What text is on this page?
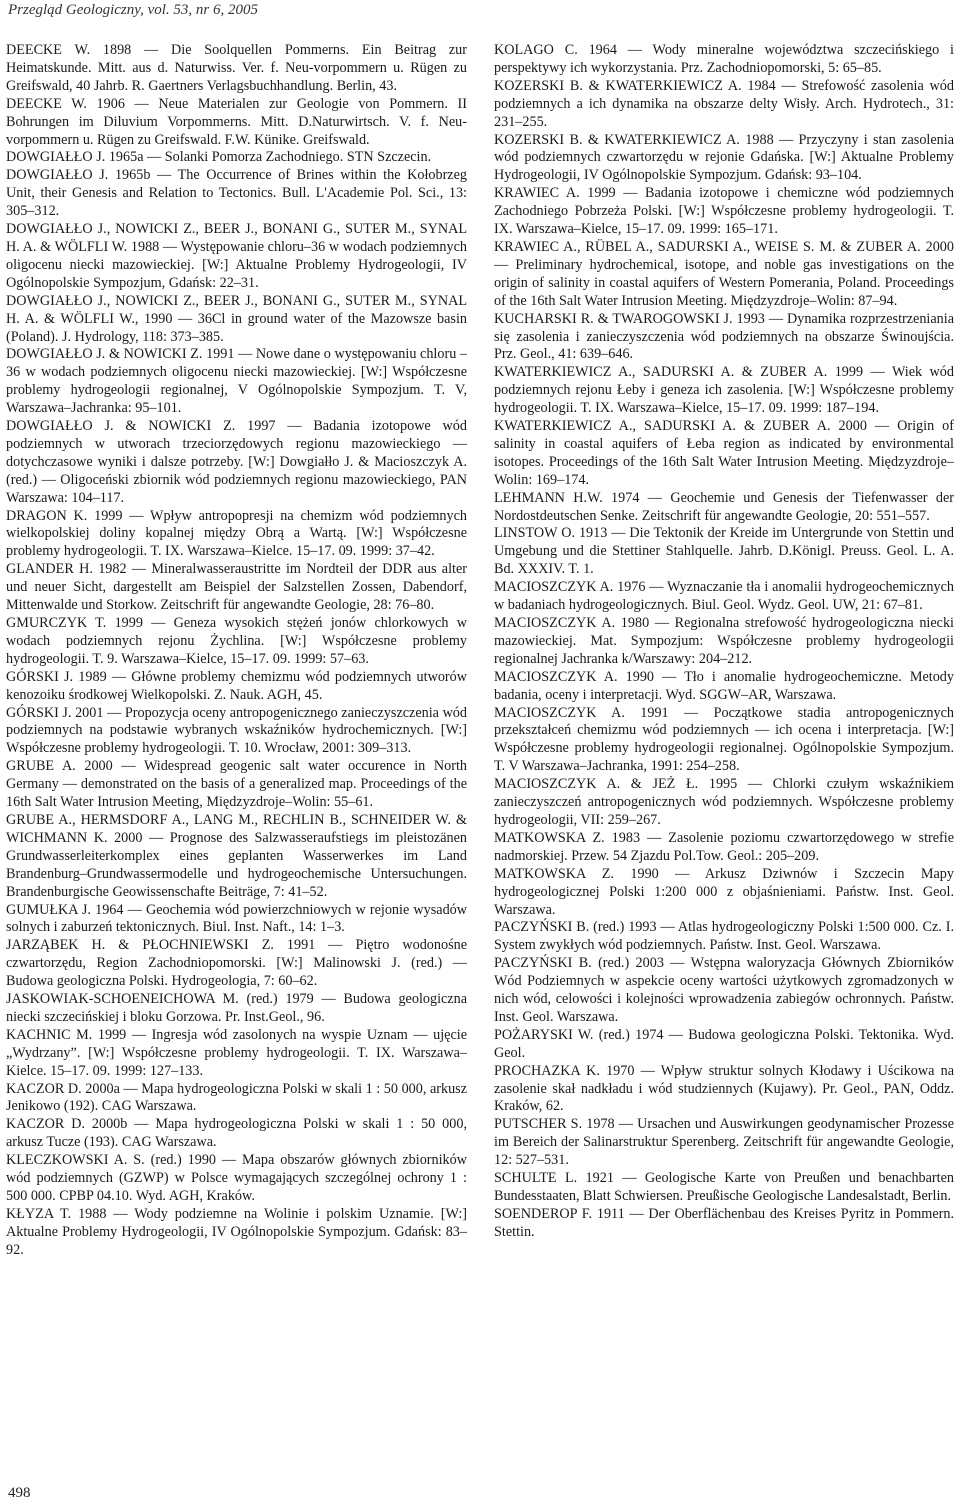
Przegląd Geologiczny, vol. 53, nr 6, 2005

DEECKE W. 1898 — Die Soolquellen Pommerns. Ein Beitrag zur Heimatskunde. Mitt. aus d. Naturwiss. Ver. f. Neu-vorpommern u. Rügen zu Greifswald, 40 Jahrb. R. Gaertners Verlagsbuchhandlung. Berlin, 43.

DEECKE W. 1906 — Neue Materialen zur Geologie von Pommern. II Bohrungen im Diluvium Vorpommerns. Mitt. D.Naturwirtsch. V. f. Neu-vorpommern u. Rügen zu Greifswald. F.W. Künike. Greifswald.

DOWGIAŁŁO J. 1965a — Solanki Pomorza Zachodniego. STN Szczecin.

DOWGIAŁŁO J. 1965b — The Occurrence of Brines within the Kołobrzeg Unit, their Genesis and Relation to Tectonics. Bull. L'Academie Pol. Sci., 13: 305–312.

DOWGIAŁŁO J., NOWICKI Z., BEER J., BONANI G., SUTER M., SYNAL H. A. & WÖLFLI W. 1988 — Występowanie chloru–36 w wodach podziemnych oligocenu niecki mazowieckiej. [W:] Aktualne Problemy Hydrogeologii, IV Ogólnopolskie Sympozjum, Gdańsk: 22–31.

DOWGIAŁŁO J., NOWICKI Z., BEER J., BONANI G., SUTER M., SYNAL H. A. & WÖLFLI W., 1990 — 36Cl in ground water of the Mazowsze basin (Poland). J. Hydrology, 118: 373–385.

DOWGIAŁŁO J. & NOWICKI Z. 1991 — Nowe dane o występowaniu chloru –36 w wodach podziemnych oligocenu niecki mazowieckiej. [W:] Współczesne problemy hydrogeologii regionalnej, V Ogólnopolskie Sympozjum. T. V, Warszawa–Jachranka: 95–101.

DOWGIAŁŁO J. & NOWICKI Z. 1997 — Badania izotopowe wód podziemnych w utworach trzeciorzędowych regionu mazowieckiego — dotychczasowe wyniki i dalsze potrzeby. [W:] Dowgiałło J. & Macioszczyk A. (red.) — Oligoceński zbiornik wód podziemnych regionu mazowieckiego, PAN Warszawa: 104–117.

DRAGON K. 1999 — Wpływ antropopresji na chemizm wód podziemnych wielkopolskiej doliny kopalnej między Obrą a Wartą. [W:] Współczesne problemy hydrogeologii. T. IX. Warszawa–Kielce. 15–17. 09. 1999: 37–42.

GLANDER H. 1982 — Mineralwasseraustritte im Nordteil der DDR aus alter und neuer Sicht, dargestellt am Beispiel der Salzstellen Zossen, Dabendorf, Mittenwalde und Storkow. Zeitschrift für angewandte Geologie, 28: 76–80.

GMURCZYK T. 1999 — Geneza wysokich stężeń jonów chlorkowych w wodach podziemnych rejonu Żychlina. [W:] Współczesne problemy hydrogeologii. T. 9. Warszawa–Kielce, 15–17. 09. 1999: 57–63.

GÓRSKI J. 1989 — Główne problemy chemizmu wód podziemnych utworów kenozoiku środkowej Wielkopolski. Z. Nauk. AGH, 45.

GÓRSKI J. 2001 — Propozycja oceny antropogenicznego zanieczyszczenia wód podziemnych na podstawie wybranych wskaźników hydrochemicznych. [W:] Współczesne problemy hydrogeologii. T. 10. Wrocław, 2001: 309–313.

GRUBE A. 2000 — Widespread geogenic salt water occurence in North Germany — demonstrated on the basis of a generalized map. Proceedings of the 16th Salt Water Intrusion Meeting, Międzyzdroje–Wolin: 55–61.

GRUBE A., HERMSDORF A., LANG M., RECHLIN B., SCHNEIDER W. & WICHMANN K. 2000 — Prognose des Salzwasseraufstiegs im pleistozänen Grundwasserleiterkomplex eines geplanten Wasserwerkes im Land Brandenburg–Grundwassermodelle und hydrogeochemische Untersuchungen. Brandenburgische Geowissenschafte Beiträge, 7: 41–52.

GUMUŁKA J. 1964 — Geochemia wód powierzchniowych w rejonie wysadów solnych i zaburzeń tektonicznych. Biul. Inst. Naft., 14: 1–3.

JARZĄBEK H. & PŁOCHNIEWSKI Z. 1991 — Piętro wodonośne czwartorzędu, Region Zachodniopomorski. [W:] Malinowski J. (red.) — Budowa geologiczna Polski. Hydrogeologia, 7: 60–62.

JASKOWIAK-SCHOENEICHOWA M. (red.) 1979 — Budowa geologiczna niecki szczecińskiej i bloku Gorzowa. Pr. Inst.Geol., 96.

KACHNIC M. 1999 — Ingresja wód zasolonych na wyspie Uznam — ujęcie „Wydrzany”. [W:] Współczesne problemy hydrogeologii. T. IX. Warszawa–Kielce. 15–17. 09. 1999: 127–133.

KACZOR D. 2000a — Mapa hydrogeologiczna Polski w skali 1 : 50 000, arkusz Jenikowo (192). CAG Warszawa.

KACZOR D. 2000b — Mapa hydrogeologiczna Polski w skali 1 : 50 000, arkusz Tucze (193). CAG Warszawa.

KLECZKOWSKI A. S. (red.) 1990 — Mapa obszarów głównych zbiorników wód podziemnych (GZWP) w Polsce wymagających szczególnej ochrony 1 : 500 000. CPBP 04.10. Wyd. AGH, Kraków.

KŁYZA T. 1988 — Wody podziemne na Wolinie i polskim Uznamie. [W:] Aktualne Problemy Hydrogeologii, IV Ogólnopolskie Sympozjum. Gdańsk: 83–92.

KOLAGO C. 1964 — Wody mineralne województwa szczecińskiego i perspektywy ich wykorzystania. Prz. Zachodniopomorski, 5: 65–85.

KOZERSKI B. & KWATERKIEWICZ A. 1984 — Strefowość zasolenia wód podziemnych a ich dynamika na obszarze delty Wisły. Arch. Hydrotech., 31: 231–255.

KOZERSKI B. & KWATERKIEWICZ A. 1988 — Przyczyny i stan zasolenia wód podziemnych czwartorzędu w rejonie Gdańska. [W:] Aktualne Problemy Hydrogeologii, IV Ogólnopolskie Sympozjum. Gdańsk: 93–104.

KRAWIEC A. 1999 — Badania izotopowe i chemiczne wód podziemnych Zachodniego Pobrzeża Polski. [W:] Współczesne problemy hydrogeologii. T. IX. Warszawa–Kielce, 15–17. 09. 1999: 165–171.

KRAWIEC A., RÜBEL A., SADURSKI A., WEISE S. M. & ZUBER A. 2000 — Preliminary hydrochemical, isotope, and noble gas investigations on the origin of salinity in coastal aquifers of Western Pomerania, Poland. Proceedings of the 16th Salt Water Intrusion Meeting. Międzyzdroje–Wolin: 87–94.

KUCHARSKI R. & TWAROGOWSKI J. 1993 — Dynamika rozprzestrzeniania się zasolenia i zanieczyszczenia wód podziemnych na obszarze Świnoujścia. Prz. Geol., 41: 639–646.

KWATERKIEWICZ A., SADURSKI A. & ZUBER A. 1999 — Wiek wód podziemnych rejonu Łeby i geneza ich zasolenia. [W:] Współczesne problemy hydrogeologii. T. IX. Warszawa–Kielce, 15–17. 09. 1999: 187–194.

KWATERKIEWICZ A., SADURSKI A. & ZUBER A. 2000 — Origin of salinity in coastal aquifers of Łeba region as indicated by environmental isotopes. Proceedings of the 16th Salt Water Intrusion Meeting. Międzyzdroje–Wolin: 169–174.

LEHMANN H.W. 1974 — Geochemie und Genesis der Tiefenwasser der Nordostdeutschen Senke. Zeitschrift für angewandte Geologie, 20: 551–557.

LINSTOW O. 1913 — Die Tektonik der Kreide im Untergrunde von Stettin und Umgebung und die Stettiner Stahlquelle. Jahrb. D.Königl. Preuss. Geol. L. A. Bd. XXXIV. T. 1.

MACIOSZCZYK A. 1976 — Wyznaczanie tła i anomalii hydrogeochemicznych w badaniach hydrogeologicznych. Biul. Geol. Wydz. Geol. UW, 21: 67–81.

MACIOSZCZYK A. 1980 — Regionalna strefowość hydrogeologiczna niecki mazowieckiej. Mat. Sympozjum: Współczesne problemy hydrogeologii regionalnej Jachranka k/Warszawy: 204–212.

MACIOSZCZYK A. 1990 — Tło i anomalie hydrogeochemiczne. Metody badania, oceny i interpretacji. Wyd. SGGW–AR, Warszawa.

MACIOSZCZYK A. 1991 — Początkowe stadia antropogenicznych przekształceń chemizmu wód podziemnych — ich ocena i interpretacja. [W:] Współczesne problemy hydrogeologii regionalnej. Ogólnopolskie Sympozjum. T. V Warszawa–Jachranka, 1991: 254–258.

MACIOSZCZYK A. & JEŻ Ł. 1995 — Chlorki czułym wskaźnikiem zanieczyszczeń antropogenicznych wód podziemnych. Współczesne problemy hydrogeologii, VII: 259–267.

MATKOWSKA Z. 1983 — Zasolenie poziomu czwartorzędowego w strefie nadmorskiej. Przew. 54 Zjazdu Pol.Tow. Geol.: 205–209.

MATKOWSKA Z. 1990 — Arkusz Dziwnów i Szczecin Mapy hydrogeologicznej Polski 1:200 000 z objaśnieniami. Państw. Inst. Geol. Warszawa.

PACZYŃSKI B. (red.) 1993 — Atlas hydrogeologiczny Polski 1:500 000. Cz. I. System zwykłych wód podziemnych. Państw. Inst. Geol. Warszawa.

PACZYŃSKI B. (red.) 2003 — Wstępna waloryzacja Głównych Zbiorników Wód Podziemnych w aspekcie oceny wartości użytkowych zgromadzonych w nich wód, celowości i kolejności wprowadzenia zabiegów ochronnych. Państw. Inst. Geol. Warszawa.

POŻARYSKI W. (red.) 1974 — Budowa geologiczna Polski. Tektonika. Wyd. Geol.

PROCHAZKA K. 1970 — Wpływ struktur solnych Kłodawy i Uścikowa na zasolenie skał nadkładu i wód studziennych (Kujawy). Pr. Geol., PAN, Oddz. Kraków, 62.

PUTSCHER S. 1978 — Ursachen und Auswirkungen geodynamischer Prozesse im Bereich der Salinarstruktur Sperenberg. Zeitschrift für angewandte Geologie, 12: 527–531.

SCHULTE L. 1921 — Geologische Karte von Preußen und benachbarten Bundesstaaten, Blatt Schwiersen. Preußische Geologische Landesalstadt, Berlin.

SOENDEROP F. 1911 — Der Oberflächenbau des Kreises Pyritz in Pommern. Stettin.

498
